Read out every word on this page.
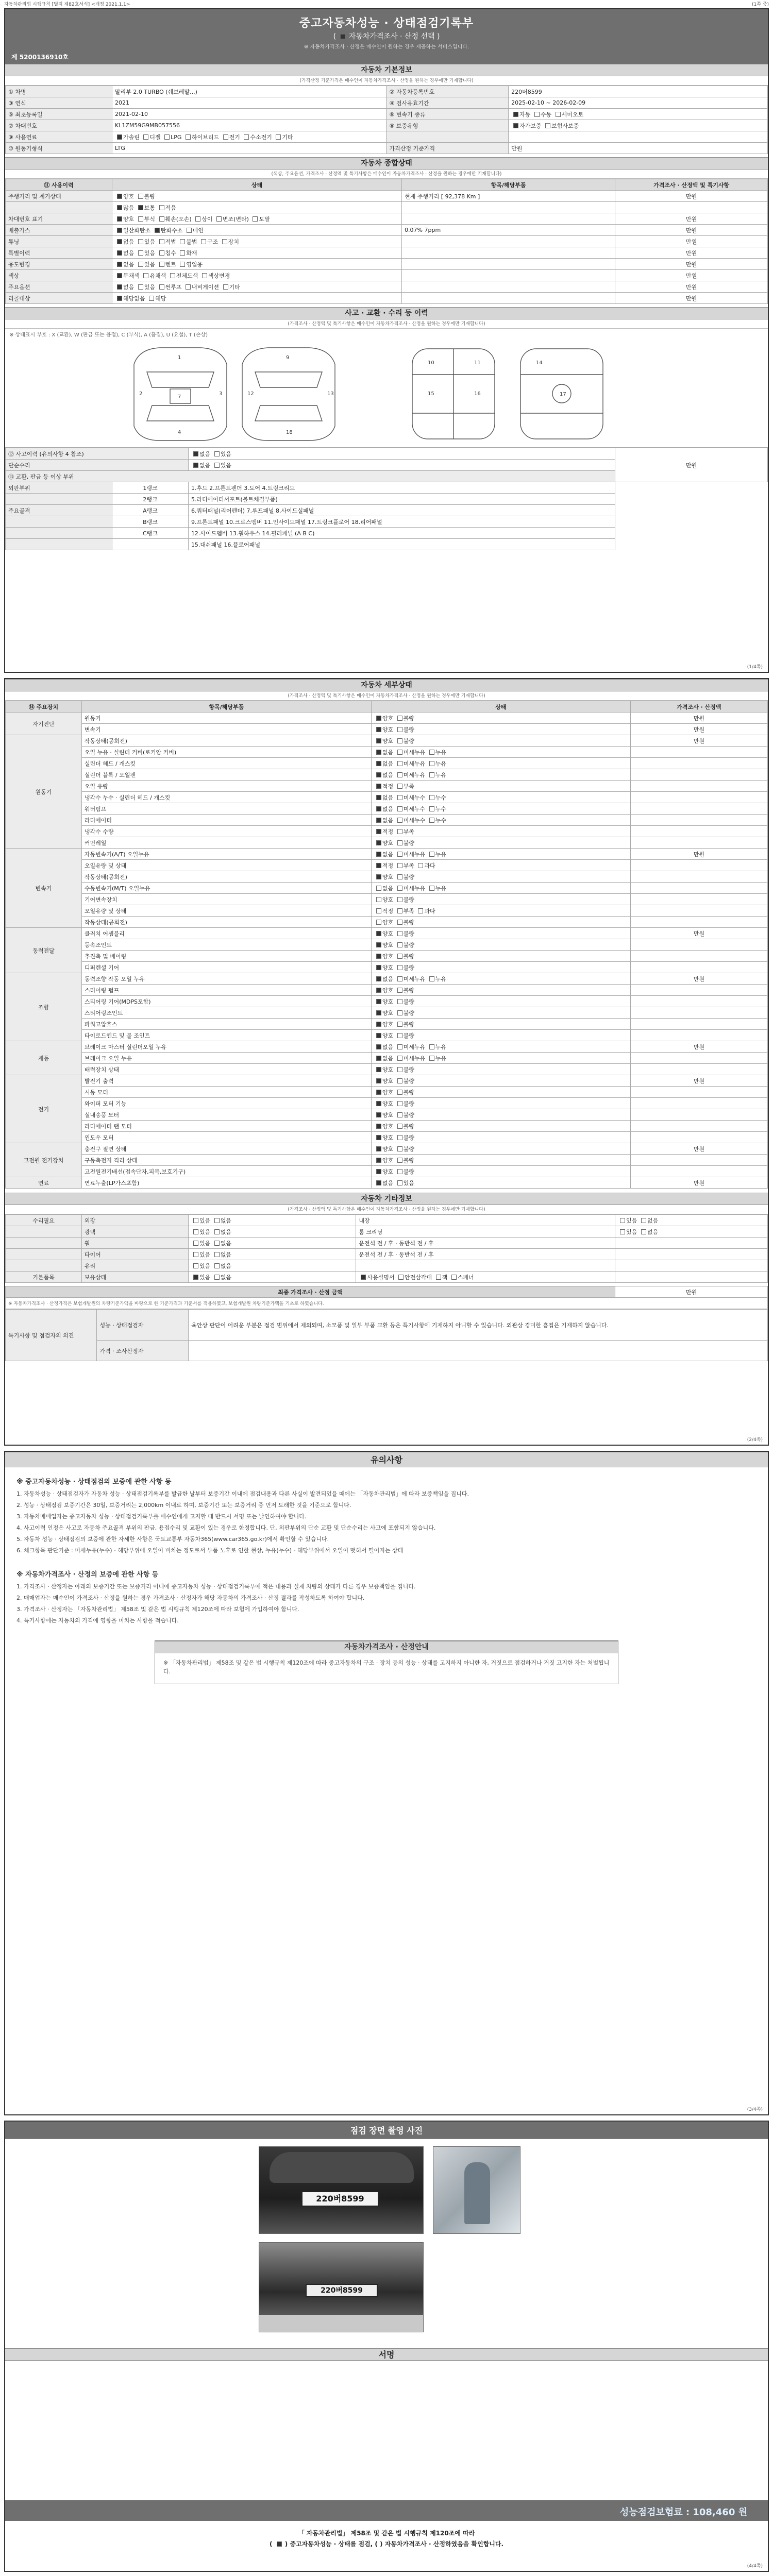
자동차관리법 시행규칙 [별지 제82호서식] <개정 2021.1.1>	(1쪽 중)
중고자동차성능 · 상태점검기록부
(  자동차가격조사 · 산정 선택 )
※ 자동차가격조사 · 산정은 매수인이 원하는 경우 제공하는 서비스입니다.
제 5200136910호
자동차 기본정보
(가격산정 기준가격은 매수인이 자동차가격조사 · 산정을 원하는 경우에만 기재합니다)
① 차명	말리부 2.0 TURBO (쉐보레말...)	② 자동차등록번호	220버8599
③ 연식	2021	④ 검사유효기간	2025-02-10 ~ 2026-02-09
⑤ 최초등록일	2021-02-10	⑥ 변속기 종류	자동 수동 세미오토
⑦ 차대번호	KL1ZM59G9MB057556	⑧ 보증유형	자가보증 보험사보증
⑨ 사용연료	가솔린 디젤 LPG 하이브리드 전기 수소전기 기타		
⑩ 원동기형식	LTG	가격산정 기준가격	만원
자동차 종합상태
(색상, 주요옵션, 가격조사 · 산정액 및 특기사항은 매수인이 자동차가격조사 · 산정을 원하는 경우에만 기재합니다)
⑪ 사용이력	상태	항목/해당부품	가격조사 · 산정액 및 특기사항
주행거리 및 계기상태	양호 불량	현재 주행거리 [ 92,378 Km ]	만원
	많음 보통 적음		
차대번호 표기	양호 부식 훼손(오손) 상이 변조(변타) 도말		만원
배출가스	일산화탄소 탄화수소 매연	0.07% 7ppm	만원
튜닝	없음 있음 적법 불법 구조 장치		만원
특별이력	없음 있음 침수 화재		만원
용도변경	없음 있음 렌트 영업용		만원
색상	무채색 유채색 전체도색 색상변경		만원
주요옵션	없음 있음 썬루프 내비게이션 기타		만원
리콜대상	해당없음 해당		만원
사고 · 교환 · 수리 등 이력
(가격조사 · 산정액 및 특기사항은 매수인이 자동차가격조사 · 산정을 원하는 경우에만 기재합니다)
※ 상태표시 부호 : X (교환), W (판금 또는 용접), C (부식), A (흠집), U (요철), T (손상)
1
2	3
4
9
12	13
18
7
10	11
15	16
14
17
⑫ 사고이력 (유의사항 4 참조)		없음 있음	만원
단순수리		없음 있음	
⑬ 교환, 판금 등 이상 부위			
외판부위	1랭크	1.후드 2.프론트펜더 3.도어 4.트렁크리드	
	2랭크	5.라디에이터서포트(볼트체결부품)	
주요골격	A랭크	6.쿼터패널(리어펜더) 7.루프패널 8.사이드실패널	
	B랭크	9.프론트패널 10.크로스멤버 11.인사이드패널 17.트렁크플로어 18.리어패널	
	C랭크	12.사이드멤버 13.휠하우스 14.필러패널 (A B C)	
		15.대쉬패널 16.플로어패널	
(1/4쪽)
자동차 세부상태
(가격조사 · 산정액 및 특기사항은 매수인이 자동차가격조사 · 산정을 원하는 경우에만 기재합니다)
⑭ 주요장치	항목/해당부품	상태	가격조사 · 산정액
자기진단	원동기	양호 불량	만원
	변속기	양호 불량	만원
원동기	작동상태(공회전)	양호 불량	만원
	오일 누유 · 실린더 커버(로커암 커버)	없음 미세누유 누유	
	실린더 헤드 / 개스킷	없음 미세누유 누유	
	실린더 블록 / 오일팬	없음 미세누유 누유	
	오일 유량	적정 부족	
	냉각수 누수 · 실린더 헤드 / 개스킷	없음 미세누수 누수	
	워터펌프	없음 미세누수 누수	
	라디에이터	없음 미세누수 누수	
	냉각수 수량	적정 부족	
	커먼레일	양호 불량	
변속기	자동변속기(A/T) 오일누유	없음 미세누유 누유	만원
	오일유량 및 상태	적정 부족 과다	
	작동상태(공회전)	양호 불량	
	수동변속기(M/T) 오일누유	없음 미세누유 누유	
	기어변속장치	양호 불량	
	오일유량 및 상태	적정 부족 과다	
	작동상태(공회전)	양호 불량	
동력전달	클러치 어셈블리	양호 불량	만원
	등속조인트	양호 불량	
	추진축 및 베어링	양호 불량	
	디퍼렌셜 기어	양호 불량	
조향	동력조향 작동 오일 누유	없음 미세누유 누유	만원
	스티어링 펌프	양호 불량	
	스티어링 기어(MDPS포함)	양호 불량	
	스티어링조인트	양호 불량	
	파워고압호스	양호 불량	
	타이로드엔드 및 볼 조인트	양호 불량	
제동	브레이크 마스터 실린더오일 누유	없음 미세누유 누유	만원
	브레이크 오일 누유	없음 미세누유 누유	
	배력장치 상태	양호 불량	
전기	발전기 출력	양호 불량	만원
	시동 모터	양호 불량	
	와이퍼 모터 기능	양호 불량	
	실내송풍 모터	양호 불량	
	라디에이터 팬 모터	양호 불량	
	윈도우 모터	양호 불량	
고전원 전기장치	충전구 절연 상태	양호 불량	만원
	구동축전지 격리 상태	양호 불량	
	고전원전기배선(접속단자,피복,보호기구)	양호 불량	
연료	연료누출(LP가스포함)	없음 있음	만원
자동차 기타정보
(가격조사 · 산정액 및 특기사항은 매수인이 자동차가격조사 · 산정을 원하는 경우에만 기재합니다)
수리필요	외장	있음 없음	내장	있음 없음
	광택	있음 없음	룸 크리닝	있음 없음
	휠	있음 없음	운전석 전 / 후 · 동반석 전 / 후	
	타이어	있음 없음	운전석 전 / 후 · 동반석 전 / 후	
	유리	있음 없음		
기본품목	보유상태	있음 없음	사용설명서 안전삼각대 잭 스패너	
최종 가격조사 · 산정 금액	만원
※ 자동차가격조사 · 산정가격은 보험개발원의 차량기준가액을 바탕으로 한 기준가격과 기준서를 적용하였고, 보험개발원 차량기준가액을 기초로 하였습니다.
특기사항 및 점검자의 의견	성능 · 상태점검자	육안상 판단이 어려운 부분은 점검 범위에서 제외되며, 소모품 및 일부 부품 교환 등은 특기사항에 기재하지 아니할 수 있습니다. 외관상 경미한 흠집은 기재하지 않습니다.
	가격 · 조사산정자	
(2/4쪽)
유의사항
※ 중고자동차성능 · 상태점검의 보증에 관한 사항 등

1. 자동차성능 · 상태점검자가 자동차 성능 · 상태점검기록부를 발급한 날부터 보증기간 이내에 점검내용과 다른 사실이 발견되었을 때에는 「자동차관리법」에 따라 보증책임을 집니다.

2. 성능 · 상태점검 보증기간은 30일, 보증거리는 2,000km 이내로 하며, 보증기간 또는 보증거리 중 먼저 도래한 것을 기준으로 합니다.

3. 자동차매매업자는 중고자동차 성능 · 상태점검기록부를 매수인에게 고지할 때 반드시 서명 또는 날인하여야 합니다.

4. 사고이력 인정은 사고로 자동차 주요골격 부위의 판금, 용접수리 및 교환이 있는 경우로 한정합니다. 단, 외판부위의 단순 교환 및 단순수리는 사고에 포함되지 않습니다.

5. 자동차 성능 · 상태점검의 보증에 관한 자세한 사항은 국토교통부 자동차365(www.car365.go.kr)에서 확인할 수 있습니다.

6. 체크항목 판단기준 : 미세누유(누수) - 해당부위에 오일이 비치는 정도로서 부품 노후로 인한 현상, 누유(누수) - 해당부위에서 오일이 맺혀서 떨어지는 상태

※ 자동차가격조사 · 산정의 보증에 관한 사항 등

1. 가격조사 · 산정자는 아래의 보증기간 또는 보증거리 이내에 중고자동차 성능 · 상태점검기록부에 적은 내용과 실제 차량의 상태가 다른 경우 보증책임을 집니다.

2. 매매업자는 매수인이 가격조사 · 산정을 원하는 경우 가격조사 · 산정자가 해당 자동차의 가격조사 · 산정 결과를 작성하도록 하여야 합니다.

3. 가격조사 · 산정자는 「자동차관리법」 제58조 및 같은 법 시행규칙 제120조에 따라 보험에 가입하여야 합니다.

4. 특기사항에는 자동차의 가격에 영향을 미치는 사항을 적습니다.

자동차가격조사 · 산정안내

※ 「자동차관리법」 제58조 및 같은 법 시행규칙 제120조에 따라 중고자동차의 구조 · 장치 등의 성능 · 상태를 고지하지 아니한 자, 거짓으로 점검하거나 거짓 고지한 자는 처벌됩니다.

(3/4쪽)
점검 장면 촬영 사진
220버8599
220버8599
서명
성능점검보험료 : 108,460 원
「 자동차관리법」 제58조 및 같은 법 시행규칙 제120조에 따라
(  ) 중고자동차성능 · 상태를 점검, ( ) 자동차가격조사 · 산정하였음을 확인합니다.
(4/4쪽)
